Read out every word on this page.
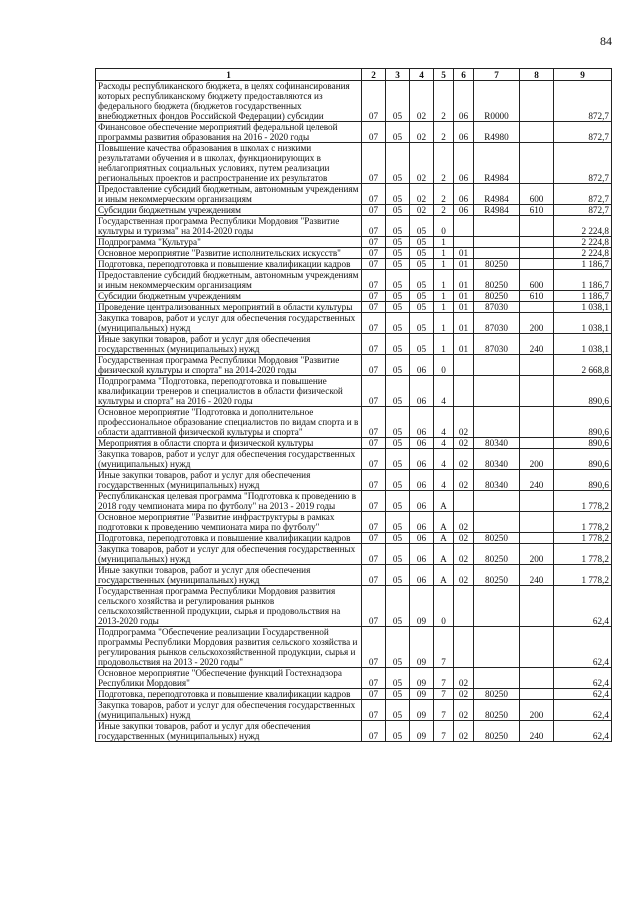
84
1	2	3	4	5	6	7	8	9
Расходы республиканского бюджета, в целях софинансирования которых республиканскому бюджету предоставляются из федерального бюджета (бюджетов государственных внебюджетных фондов Российской Федерации) субсидии	07	05	02	2	06	R0000		872,7
Финансовое обеспечение мероприятий федеральной целевой программы развития образования на 2016 - 2020 годы	07	05	02	2	06	R4980		872,7
Повышение качества образования в школах с низкими результатами обучения и в школах, функционирующих в неблагоприятных социальных условиях, путем реализации региональных проектов и распространение их результатов	07	05	02	2	06	R4984		872,7
Предоставление субсидий бюджетным, автономным учреждениям и иным некоммерческим организациям	07	05	02	2	06	R4984	600	872,7
Субсидии бюджетным учреждениям	07	05	02	2	06	R4984	610	872,7
Государственная программа Республики Мордовия "Развитие культуры и туризма" на 2014-2020 годы	07	05	05	0				2 224,8
Подпрограмма "Культура"	07	05	05	1				2 224,8
Основное мероприятие "Развитие исполнительских искусств"	07	05	05	1	01			2 224,8
Подготовка, переподготовка и повышение квалификации кадров	07	05	05	1	01	80250		1 186,7
Предоставление субсидий бюджетным, автономным учреждениям и иным некоммерческим организациям	07	05	05	1	01	80250	600	1 186,7
Субсидии бюджетным учреждениям	07	05	05	1	01	80250	610	1 186,7
Проведение централизованных мероприятий в области культуры	07	05	05	1	01	87030		1 038,1
Закупка товаров, работ и услуг для обеспечения государственных (муниципальных) нужд	07	05	05	1	01	87030	200	1 038,1
Иные закупки товаров, работ и услуг для обеспечения государственных (муниципальных) нужд	07	05	05	1	01	87030	240	1 038,1
Государственная программа Республики Мордовия "Развитие физической культуры и спорта" на 2014-2020 годы	07	05	06	0				2 668,8
Подпрограмма "Подготовка, переподготовка и повышение квалификации тренеров и специалистов в области физической культуры и спорта" на 2016 - 2020 годы	07	05	06	4				890,6
Основное мероприятие "Подготовка и дополнительное профессиональное образование специалистов по видам спорта и в области адаптивной физической культуры и спорта"	07	05	06	4	02			890,6
Мероприятия в области спорта и физической культуры	07	05	06	4	02	80340		890,6
Закупка товаров, работ и услуг для обеспечения государственных (муниципальных) нужд	07	05	06	4	02	80340	200	890,6
Иные закупки товаров, работ и услуг для обеспечения государственных (муниципальных) нужд	07	05	06	4	02	80340	240	890,6
Республиканская целевая программа "Подготовка к проведению в 2018 году чемпионата мира по футболу" на 2013 - 2019 годы	07	05	06	А				1 778,2
Основное мероприятие "Развитие инфраструктуры в рамках подготовки к проведению чемпионата мира по футболу"	07	05	06	А	02			1 778,2
Подготовка, переподготовка и повышение квалификации кадров	07	05	06	А	02	80250		1 778,2
Закупка товаров, работ и услуг для обеспечения государственных (муниципальных) нужд	07	05	06	А	02	80250	200	1 778,2
Иные закупки товаров, работ и услуг для обеспечения государственных (муниципальных) нужд	07	05	06	А	02	80250	240	1 778,2
Государственная программа Республики Мордовия развития сельского хозяйства и регулирования рынков сельскохозяйственной продукции, сырья и продовольствия на 2013-2020 годы	07	05	09	0				62,4
Подпрограмма "Обеспечение реализации Государственной программы Республики Мордовия развития сельского хозяйства и регулирования рынков сельскохозяйственной продукции, сырья и продовольствия на 2013 - 2020 годы"	07	05	09	7				62,4
Основное мероприятие "Обеспечение функций Гостехнадзора Республики Мордовия"	07	05	09	7	02			62,4
Подготовка, переподготовка и повышение квалификации кадров	07	05	09	7	02	80250		62,4
Закупка товаров, работ и услуг для обеспечения государственных (муниципальных) нужд	07	05	09	7	02	80250	200	62,4
Иные закупки товаров, работ и услуг для обеспечения государственных (муниципальных) нужд	07	05	09	7	02	80250	240	62,4
